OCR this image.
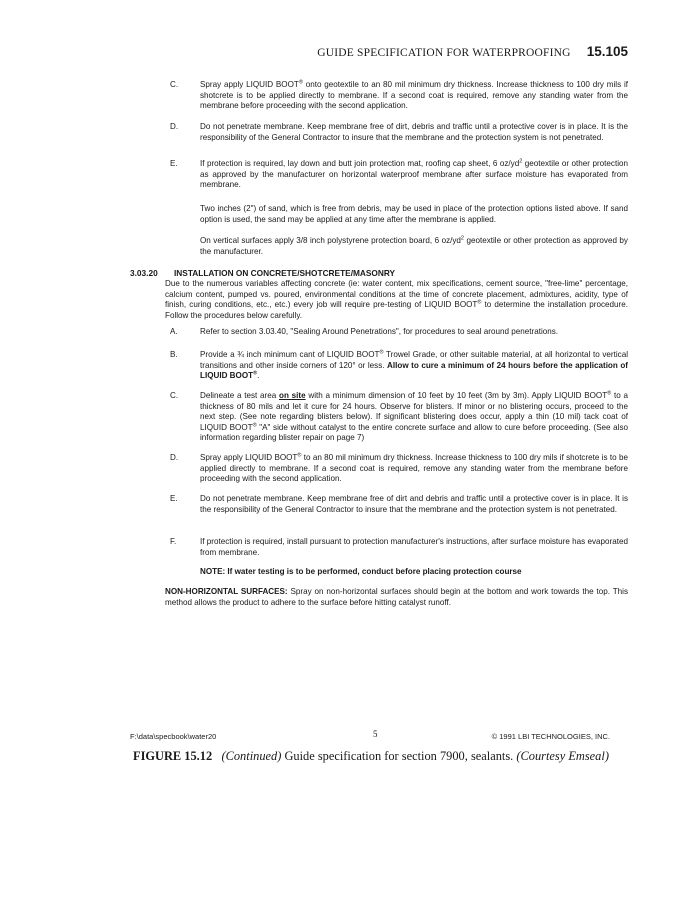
GUIDE SPECIFICATION FOR WATERPROOFING 15.105
C.	Spray apply LIQUID BOOT® onto geotextile to an 80 mil minimum dry thickness. Increase thickness to 100 dry mils if shotcrete is to be applied directly to membrane. If a second coat is required, remove any standing water from the membrane before proceeding with the second application.
D.	Do not penetrate membrane. Keep membrane free of dirt, debris and traffic until a protective cover is in place. It is the responsibility of the General Contractor to insure that the membrane and the protection system is not penetrated.
E.	If protection is required, lay down and butt join protection mat, roofing cap sheet, 6 $oz/yd^2$ geotextile or other protection as approved by the manufacturer on horizontal waterproof membrane after surface moisture has evaporated from membrane.
Two inches (2") of sand, which is free from debris, may be used in place of the protection options listed above. If sand option is used, the sand may be applied at any time after the membrane is applied.
On vertical surfaces apply 3/8 inch polystyrene protection board, 6 $oz/yd^2$ geotextile or other protection as approved by the manufacturer.
3.03.20 INSTALLATION ON CONCRETE/SHOTCRETE/MASONRY
Due to the numerous variables affecting concrete (ie: water content, mix specifications, cement source, "free-lime" percentage, calcium content, pumped vs. poured, environmental conditions at the time of concrete placement, admixtures, acidity, type of finish, curing conditions, etc., etc.) every job will require pre-testing of LIQUID BOOT® to determine the installation procedure. Follow the procedures below carefully.
A.	Refer to section 3.03.40, "Sealing Around Penetrations", for procedures to seal around penetrations.
B.	Provide a ¾ inch minimum cant of LIQUID BOOT® Trowel Grade, or other suitable material, at all horizontal to vertical transitions and other inside corners of 120° or less. Allow to cure a minimum of 24 hours before the application of LIQUID BOOT®.
C.	Delineate a test area on site with a minimum dimension of 10 feet by 10 feet (3m by 3m). Apply LIQUID BOOT® to a thickness of 80 mils and let it cure for 24 hours. Observe for blisters. If minor or no blistering occurs, proceed to the next step. (See note regarding blisters below). If significant blistering does occur, apply a thin (10 mil) tack coat of LIQUID BOOT® "A" side without catalyst to the entire concrete surface and allow to cure before proceeding. (See also information regarding blister repair on page 7)
D.	Spray apply LIQUID BOOT® to an 80 mil minimum dry thickness. Increase thickness to 100 dry mils if shotcrete is to be applied directly to membrane. If a second coat is required, remove any standing water from the membrane before proceeding with the second application.
E.	Do not penetrate membrane. Keep membrane free of dirt and debris and traffic until a protective cover is in place. It is the responsibility of the General Contractor to insure that the membrane and the protection system is not penetrated.
F.	If protection is required, install pursuant to protection manufacturer's instructions, after surface moisture has evaporated from membrane.
NOTE: If water testing is to be performed, conduct before placing protection course
NON-HORIZONTAL SURFACES: Spray on non-horizontal surfaces should begin at the bottom and work towards the top. This method allows the product to adhere to the surface before hitting catalyst runoff.
F:\data\specbook\water20	5	© 1991 LBI TECHNOLOGIES, INC.
FIGURE 15.12 (Continued) Guide specification for section 7900, sealants. (Courtesy Emseal)
